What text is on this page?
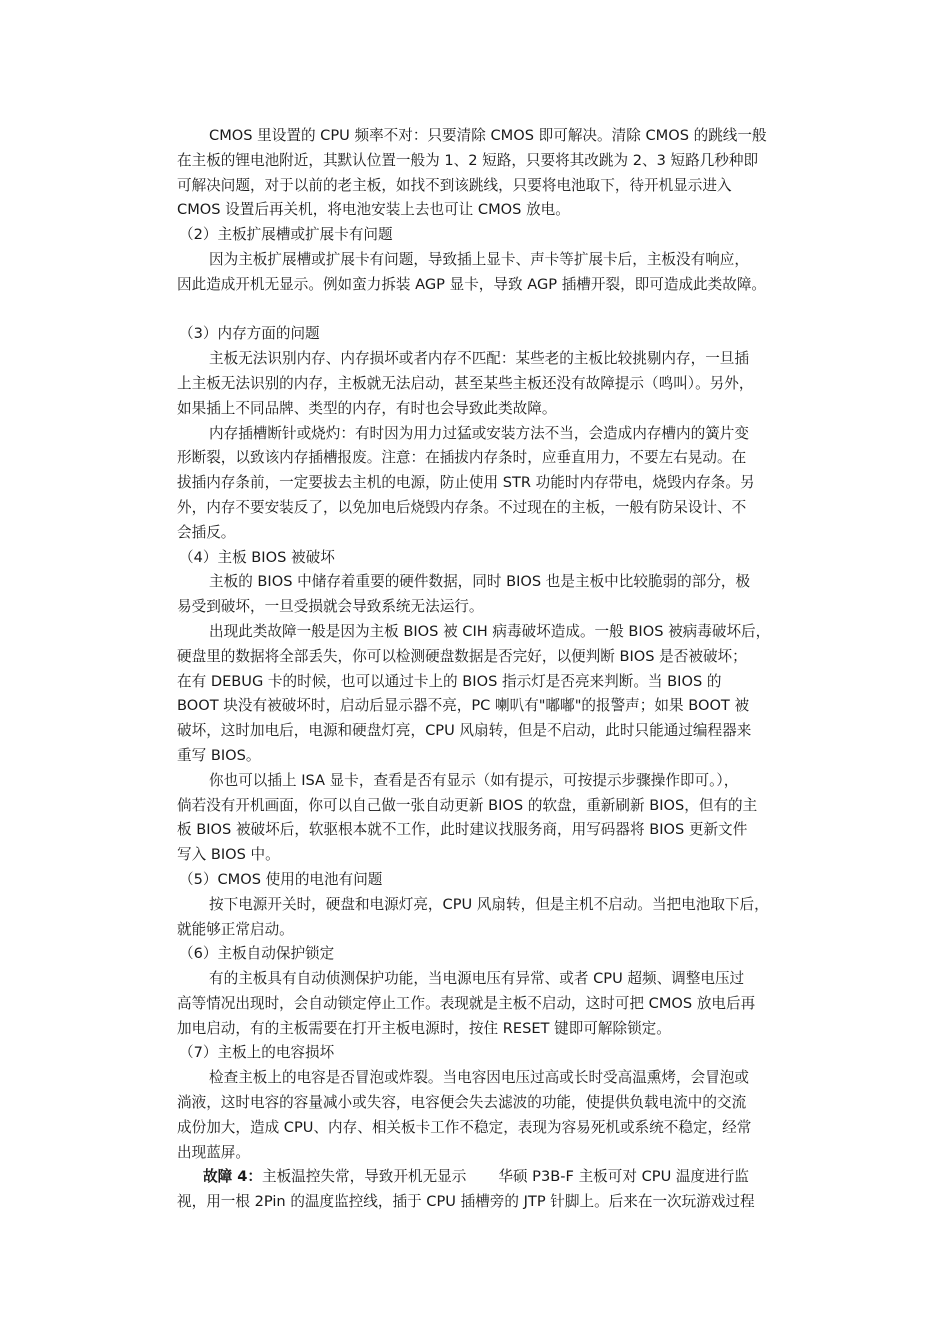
CMOS 里设置的 CPU 频率不对：只要清除 CMOS 即可解决。清除 CMOS 的跳线一般
在主板的锂电池附近，其默认位置一般为 1、2 短路，只要将其改跳为 2、3 短路几秒种即
可解决问题，对于以前的老主板，如找不到该跳线，只要将电池取下，待开机显示进入
CMOS 设置后再关机，将电池安装上去也可让 CMOS 放电。
（2）主板扩展槽或扩展卡有问题
因为主板扩展槽或扩展卡有问题，导致插上显卡、声卡等扩展卡后，主板没有响应，
因此造成开机无显示。例如蛮力拆装 AGP 显卡，导致 AGP 插槽开裂，即可造成此类故障。
（3）内存方面的问题
主板无法识别内存、内存损坏或者内存不匹配：某些老的主板比较挑剔内存，一旦插
上主板无法识别的内存，主板就无法启动，甚至某些主板还没有故障提示（鸣叫）。另外，
如果插上不同品牌、类型的内存，有时也会导致此类故障。
内存插槽断针或烧灼：有时因为用力过猛或安装方法不当，会造成内存槽内的簧片变
形断裂，以致该内存插槽报废。注意：在插拔内存条时，应垂直用力，不要左右晃动。在
拔插内存条前，一定要拔去主机的电源，防止使用 STR 功能时内存带电，烧毁内存条。另
外，内存不要安装反了，以免加电后烧毁内存条。不过现在的主板，一般有防呆设计、不
会插反。
（4）主板 BIOS 被破坏
主板的 BIOS 中储存着重要的硬件数据，同时 BIOS 也是主板中比较脆弱的部分，极
易受到破坏，一旦受损就会导致系统无法运行。
出现此类故障一般是因为主板 BIOS 被 CIH 病毒破坏造成。一般 BIOS 被病毒破坏后，
硬盘里的数据将全部丢失，你可以检测硬盘数据是否完好，以便判断 BIOS 是否被破坏；
在有 DEBUG 卡的时候，也可以通过卡上的 BIOS 指示灯是否亮来判断。当 BIOS 的
BOOT 块没有被破坏时，启动后显示器不亮，PC 喇叭有"嘟嘟"的报警声；如果 BOOT 被
破坏，这时加电后，电源和硬盘灯亮，CPU 风扇转，但是不启动，此时只能通过编程器来
重写 BIOS。
你也可以插上 ISA 显卡，查看是否有显示（如有提示，可按提示步骤操作即可。），
倘若没有开机画面，你可以自己做一张自动更新 BIOS 的软盘，重新刷新 BIOS，但有的主
板 BIOS 被破坏后，软驱根本就不工作，此时建议找服务商，用写码器将 BIOS 更新文件
写入 BIOS 中。
（5）CMOS 使用的电池有问题
按下电源开关时，硬盘和电源灯亮，CPU 风扇转，但是主机不启动。当把电池取下后，
就能够正常启动。
（6）主板自动保护锁定
有的主板具有自动侦测保护功能，当电源电压有异常、或者 CPU 超频、调整电压过
高等情况出现时，会自动锁定停止工作。表现就是主板不启动，这时可把 CMOS 放电后再
加电启动，有的主板需要在打开主板电源时，按住 RESET 键即可解除锁定。
（7）主板上的电容损坏
检查主板上的电容是否冒泡或炸裂。当电容因电压过高或长时受高温熏烤，会冒泡或
淌液，这时电容的容量减小或失容，电容便会失去滤波的功能，使提供负载电流中的交流
成份加大，造成 CPU、内存、相关板卡工作不稳定，表现为容易死机或系统不稳定，经常
出现蓝屏。
故障 4：主板温控失常，导致开机无显示 华硕 P3B-F 主板可对 CPU 温度进行监
视，用一根 2Pin 的温度监控线，插于 CPU 插槽旁的 JTP 针脚上。后来在一次玩游戏过程
